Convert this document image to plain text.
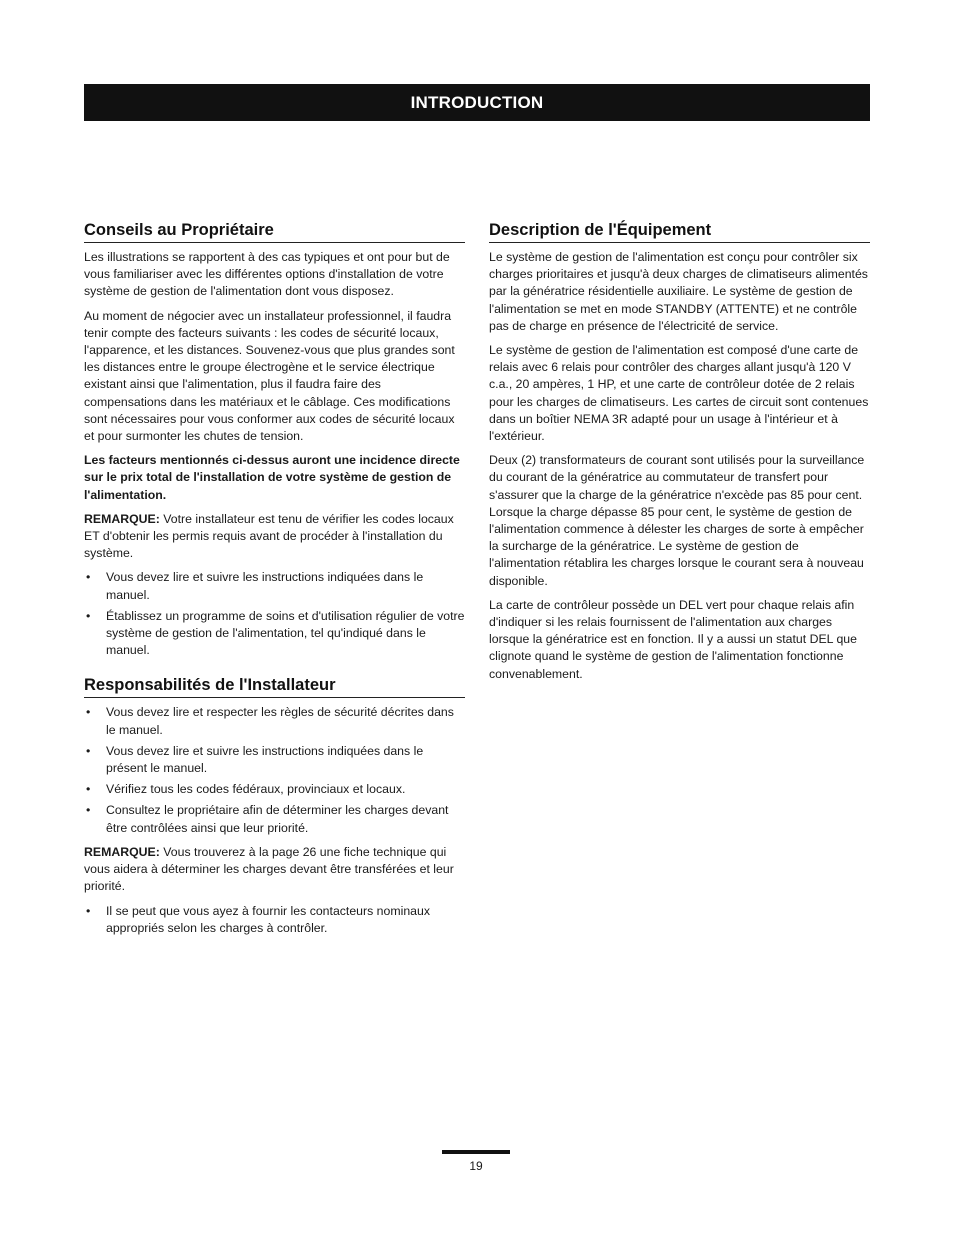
INTRODUCTION
Conseils au Propriétaire

Les illustrations se rapportent à des cas typiques et ont pour but de vous familiariser avec les différentes options d'installation de votre système de gestion de l'alimentation dont vous disposez.

Au moment de négocier avec un installateur professionnel, il faudra tenir compte des facteurs suivants : les codes de sécurité locaux, l'apparence, et les distances. Souvenez-vous que plus grandes sont les distances entre le groupe électrogène et le service électrique existant ainsi que l'alimentation, plus il faudra faire des compensations dans les matériaux et le câblage. Ces modifications sont nécessaires pour vous conformer aux codes de sécurité locaux et pour surmonter les chutes de tension.

Les facteurs mentionnés ci-dessus auront une incidence directe sur le prix total de l'installation de votre système de gestion de l'alimentation.

REMARQUE: Votre installateur est tenu de vérifier les codes locaux ET d'obtenir les permis requis avant de procéder à l'installation du système.

• Vous devez lire et suivre les instructions indiquées dans le manuel.
• Établissez un programme de soins et d'utilisation régulier de votre système de gestion de l'alimentation, tel qu'indiqué dans le manuel.
Responsabilités de l'Installateur
• Vous devez lire et respecter les règles de sécurité décrites dans le manuel.
• Vous devez lire et suivre les instructions indiquées dans le présent le manuel.
• Vérifiez tous les codes fédéraux, provinciaux et locaux.
• Consultez le propriétaire afin de déterminer les charges devant être contrôlées ainsi que leur priorité.

REMARQUE: Vous trouverez à la page 26 une fiche technique qui vous aidera à déterminer les charges devant être transférées et leur priorité.

• Il se peut que vous ayez à fournir les contacteurs nominaux appropriés selon les charges à contrôler.
Description de l'Équipement

Le système de gestion de l'alimentation est conçu pour contrôler six charges prioritaires et jusqu'à deux charges de climatiseurs alimentés par la génératrice résidentielle auxiliaire. Le système de gestion de l'alimentation se met en mode STANDBY (ATTENTE) et ne contrôle pas de charge en présence de l'électricité de service.

Le système de gestion de l'alimentation est composé d'une carte de relais avec 6 relais pour contrôler des charges allant jusqu'à 120 V c.a., 20 ampères, 1 HP, et une carte de contrôleur dotée de 2 relais pour les charges de climatiseurs. Les cartes de circuit sont contenues dans un boîtier NEMA 3R adapté pour un usage à l'intérieur et à l'extérieur.

Deux (2) transformateurs de courant sont utilisés pour la surveillance du courant de la génératrice au commutateur de transfert pour s'assurer que la charge de la génératrice n'excède pas 85 pour cent. Lorsque la charge dépasse 85 pour cent, le système de gestion de l'alimentation commence à délester les charges de sorte à empêcher la surcharge de la génératrice. Le système de gestion de l'alimentation rétablira les charges lorsque le courant sera à nouveau disponible.

La carte de contrôleur possède un DEL vert pour chaque relais afin d'indiquer si les relais fournissent de l'alimentation aux charges lorsque la génératrice est en fonction. Il y a aussi un statut DEL que clignote quand le système de gestion de l'alimentation fonctionne convenablement.

19
